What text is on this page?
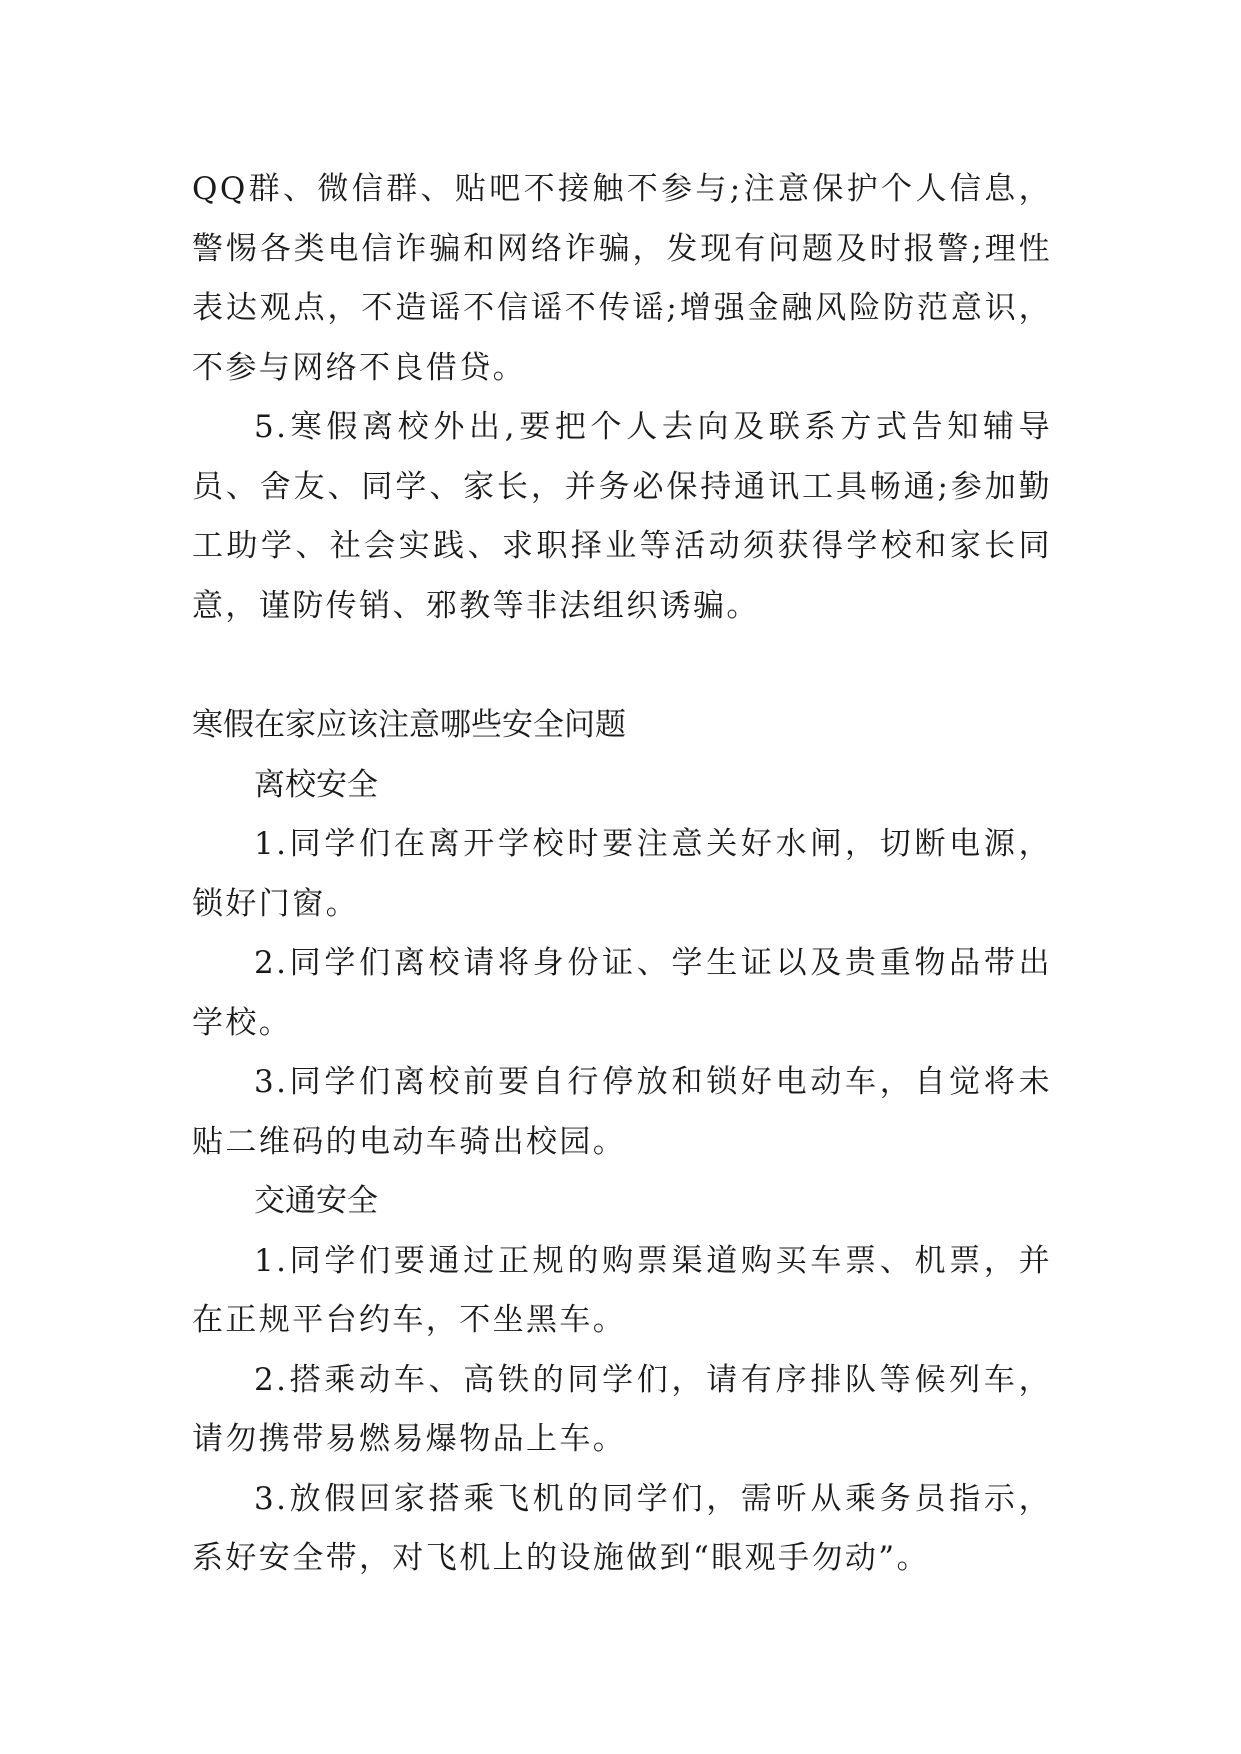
QQ群、微信群、贴吧不接触不参与;注意保护个人信息，警惕各类电信诈骗和网络诈骗，发现有问题及时报警;理性表达观点，不造谣不信谣不传谣;增强金融风险防范意识，不参与网络不良借贷。

5.寒假离校外出,要把个人去向及联系方式告知辅导员、舍友、同学、家长，并务必保持通讯工具畅通;参加勤工助学、社会实践、求职择业等活动须获得学校和家长同意，谨防传销、邪教等非法组织诱骗。

寒假在家应该注意哪些安全问题

离校安全

1.同学们在离开学校时要注意关好水闸，切断电源，锁好门窗。

2.同学们离校请将身份证、学生证以及贵重物品带出学校。

3.同学们离校前要自行停放和锁好电动车，自觉将未贴二维码的电动车骑出校园。

交通安全

1.同学们要通过正规的购票渠道购买车票、机票，并在正规平台约车，不坐黑车。

2.搭乘动车、高铁的同学们，请有序排队等候列车，请勿携带易燃易爆物品上车。

3.放假回家搭乘飞机的同学们，需听从乘务员指示，系好安全带，对飞机上的设施做到“眼观手勿动”。
